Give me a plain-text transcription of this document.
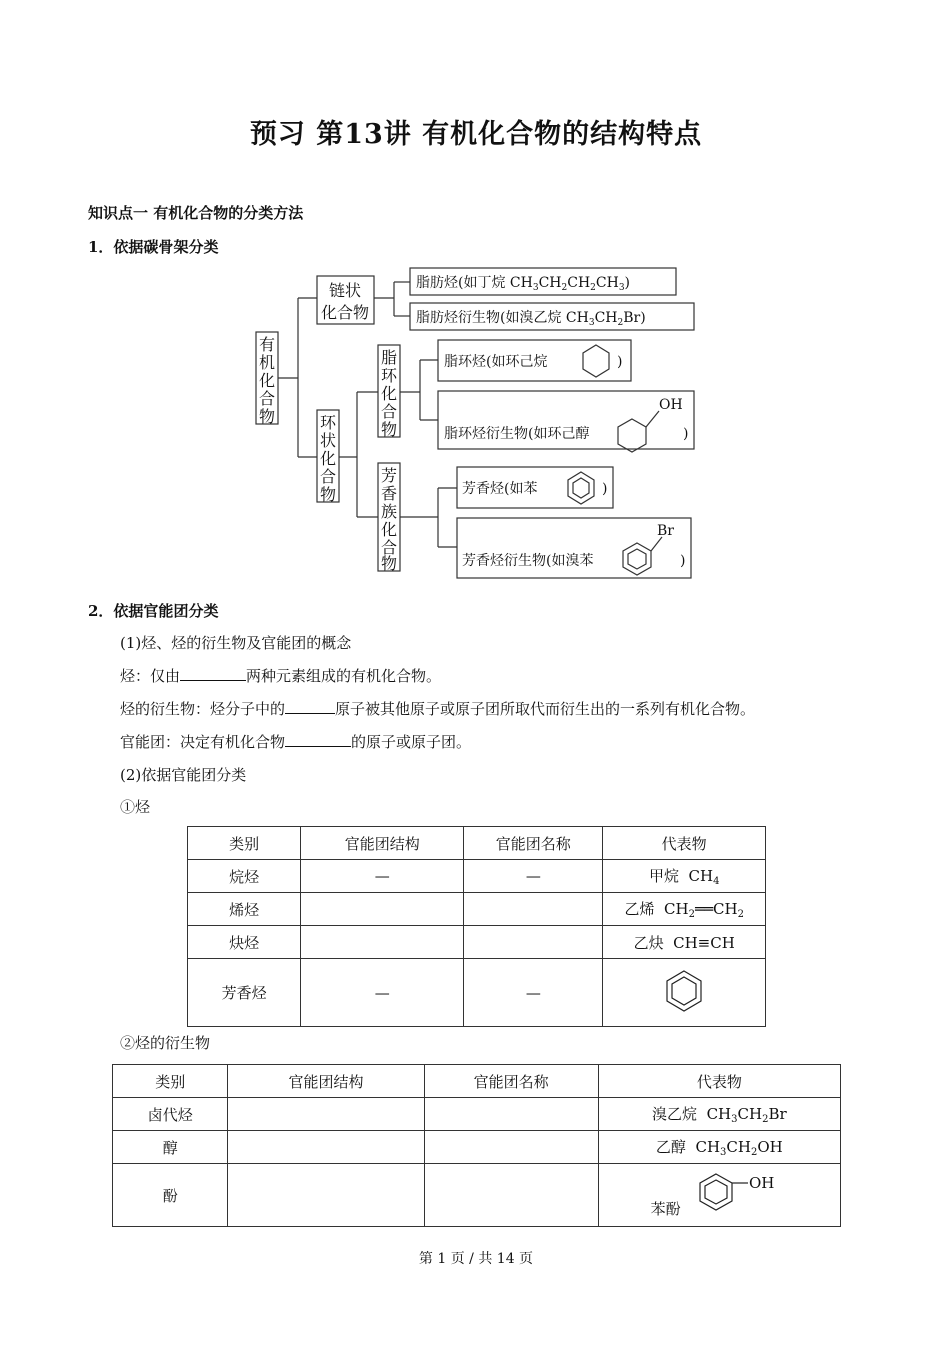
预习 第13讲 有机化合物的结构特点
知识点一 有机化合物的分类方法
1．依据碳骨架分类
有
机
化
合
物
链状
化合物
环
状
化
合
物
脂
环
化
合
物
芳
香
族
化
合
物
脂肪烃(如丁烷 $CH_3CH_2CH_2CH_3$)
脂肪烃衍生物(如溴乙烷 $CH_3CH_2Br$)
脂环烃(如环己烷	)
脂环烃衍生物(如环己醇
OH
)
芳香烃(如苯	)
芳香烃衍生物(如溴苯
Br
)
2．依据官能团分类
(1)烃、烃的衍生物及官能团的概念
烃：仅由	两种元素组成的有机化合物。
烃的衍生物：烃分子中的	原子被其他原子或原子团所取代而衍生出的一系列有机化合物。
官能团：决定有机化合物	的原子或原子团。
(2)依据官能团分类
①烃
类别	官能团结构	官能团名称	代表物
烷烃	—	—	甲烷 $CH_4$
烯烃			乙烯 $CH_2══CH_2$
炔烃			乙炔 CH≡CH
芳香烃	—	—	
②烃的衍生物
类别	官能团结构	官能团名称	代表物
卤代烃			溴乙烷 $CH_3CH_2Br$
醇			乙醇 $CH_3CH_2OH$
酚			苯酚
OH
第 1 页 / 共 14 页
